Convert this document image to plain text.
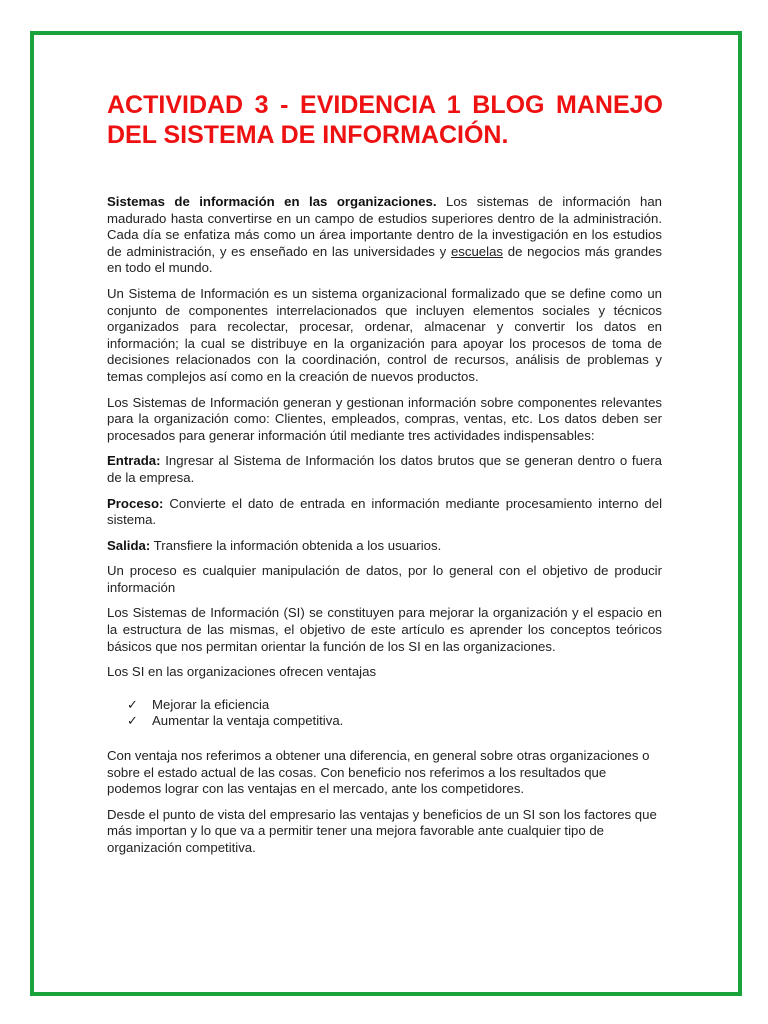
ACTIVIDAD 3 - EVIDENCIA 1 BLOG MANEJO DEL SISTEMA DE INFORMACIÓN.

Sistemas de información en las organizaciones. Los sistemas de información han madurado hasta convertirse en un campo de estudios superiores dentro de la administración. Cada día se enfatiza más como un área importante dentro de la investigación en los estudios de administración, y es enseñado en las universidades y escuelas de negocios más grandes en todo el mundo.

Un Sistema de Información es un sistema organizacional formalizado que se define como un conjunto de componentes interrelacionados que incluyen elementos sociales y técnicos organizados para recolectar, procesar, ordenar, almacenar y convertir los datos en información; la cual se distribuye en la organización para apoyar los procesos de toma de decisiones relacionados con la coordinación, control de recursos, análisis de problemas y temas complejos así como en la creación de nuevos productos.

Los Sistemas de Información generan y gestionan información sobre componentes relevantes para la organización como: Clientes, empleados, compras, ventas, etc. Los datos deben ser procesados para generar información útil mediante tres actividades indispensables:

Entrada: Ingresar al Sistema de Información los datos brutos que se generan dentro o fuera de la empresa.

Proceso: Convierte el dato de entrada en información mediante procesamiento interno del sistema.

Salida: Transfiere la información obtenida a los usuarios.

Un proceso es cualquier manipulación de datos, por lo general con el objetivo de producir información

Los Sistemas de Información (SI) se constituyen para mejorar la organización y el espacio en la estructura de las mismas, el objetivo de este artículo es aprender los conceptos teóricos básicos que nos permitan orientar la función de los SI en las organizaciones.

Los SI en las organizaciones ofrecen ventajas

✓ Mejorar la eficiencia
✓ Aumentar la ventaja competitiva.

Con ventaja nos referimos a obtener una diferencia, en general sobre otras organizaciones o sobre el estado actual de las cosas. Con beneficio nos referimos a los resultados que podemos lograr con las ventajas en el mercado, ante los competidores.

Desde el punto de vista del empresario las ventajas y beneficios de un SI son los factores que más importan y lo que va a permitir tener una mejora favorable ante cualquier tipo de organización competitiva.
